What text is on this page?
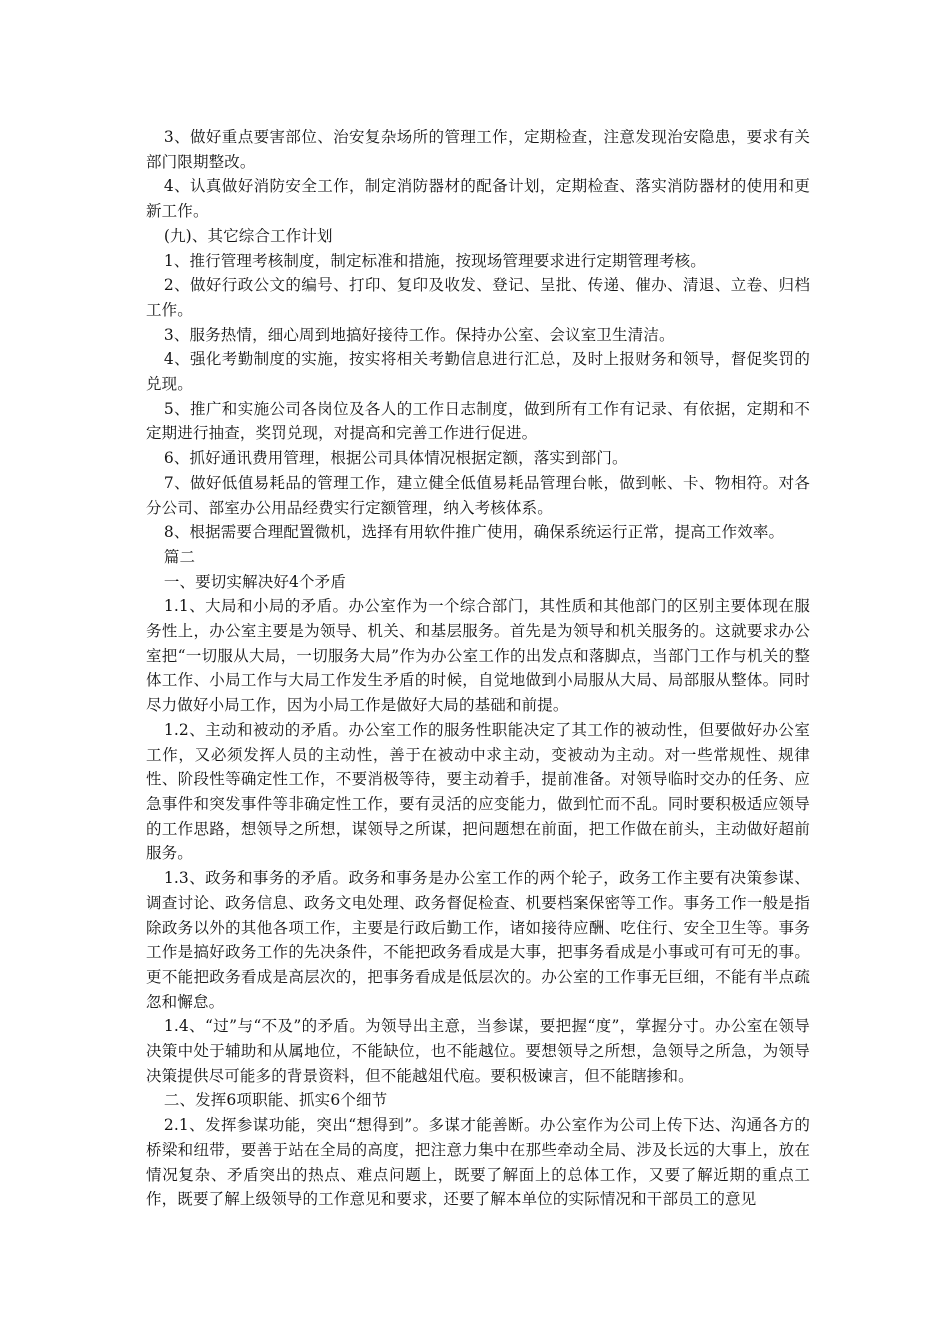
3、做好重点要害部位、治安复杂场所的管理工作，定期检查，注意发现治安隐患，要求有关部门限期整改。

4、认真做好消防安全工作，制定消防器材的配备计划，定期检查、落实消防器材的使用和更新工作。

(九)、其它综合工作计划

1、推行管理考核制度，制定标准和措施，按现场管理要求进行定期管理考核。

2、做好行政公文的编号、打印、复印及收发、登记、呈批、传递、催办、清退、立卷、归档工作。

3、服务热情，细心周到地搞好接待工作。保持办公室、会议室卫生清洁。

4、强化考勤制度的实施，按实将相关考勤信息进行汇总，及时上报财务和领导，督促奖罚的兑现。

5、推广和实施公司各岗位及各人的工作日志制度，做到所有工作有记录、有依据，定期和不定期进行抽查，奖罚兑现，对提高和完善工作进行促进。

6、抓好通讯费用管理，根据公司具体情况根据定额，落实到部门。

7、做好低值易耗品的管理工作，建立健全低值易耗品管理台帐，做到帐、卡、物相符。对各分公司、部室办公用品经费实行定额管理，纳入考核体系。

8、根据需要合理配置微机，选择有用软件推广使用，确保系统运行正常，提高工作效率。

篇二

一、要切实解决好4个矛盾

1.1、大局和小局的矛盾。办公室作为一个综合部门，其性质和其他部门的区别主要体现在服务性上，办公室主要是为领导、机关、和基层服务。首先是为领导和机关服务的。这就要求办公室把“一切服从大局，一切服务大局”作为办公室工作的出发点和落脚点，当部门工作与机关的整体工作、小局工作与大局工作发生矛盾的时候，自觉地做到小局服从大局、局部服从整体。同时尽力做好小局工作，因为小局工作是做好大局的基础和前提。

1.2、主动和被动的矛盾。办公室工作的服务性职能决定了其工作的被动性，但要做好办公室工作，又必须发挥人员的主动性，善于在被动中求主动，变被动为主动。对一些常规性、规律性、阶段性等确定性工作，不要消极等待，要主动着手，提前准备。对领导临时交办的任务、应急事件和突发事件等非确定性工作，要有灵活的应变能力，做到忙而不乱。同时要积极适应领导的工作思路，想领导之所想，谋领导之所谋，把问题想在前面，把工作做在前头，主动做好超前服务。

1.3、政务和事务的矛盾。政务和事务是办公室工作的两个轮子，政务工作主要有决策参谋、调查讨论、政务信息、政务文电处理、政务督促检查、机要档案保密等工作。事务工作一般是指除政务以外的其他各项工作，主要是行政后勤工作，诸如接待应酬、吃住行、安全卫生等。事务工作是搞好政务工作的先决条件，不能把政务看成是大事，把事务看成是小事或可有可无的事。更不能把政务看成是高层次的，把事务看成是低层次的。办公室的工作事无巨细，不能有半点疏忽和懈怠。

1.4、“过”与“不及”的矛盾。为领导出主意，当参谋，要把握“度”，掌握分寸。办公室在领导决策中处于辅助和从属地位，不能缺位，也不能越位。要想领导之所想，急领导之所急，为领导决策提供尽可能多的背景资料，但不能越俎代庖。要积极谏言，但不能瞎掺和。

二、发挥6项职能、抓实6个细节

2.1、发挥参谋功能，突出“想得到”。多谋才能善断。办公室作为公司上传下达、沟通各方的桥梁和纽带，要善于站在全局的高度，把注意力集中在那些牵动全局、涉及长远的大事上，放在情况复杂、矛盾突出的热点、难点问题上，既要了解面上的总体工作，又要了解近期的重点工作，既要了解上级领导的工作意见和要求，还要了解本单位的实际情况和干部员工的意见
